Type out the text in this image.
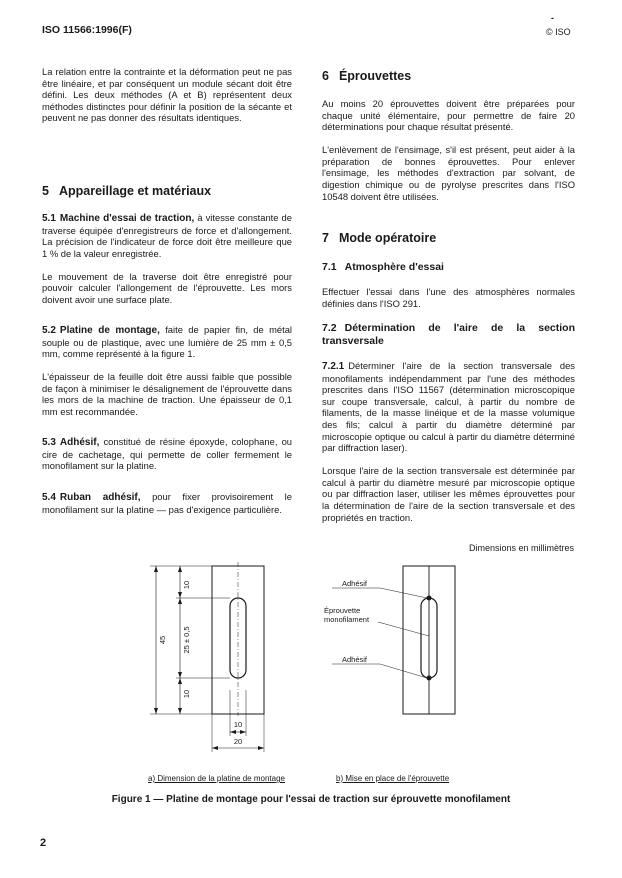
ISO 11566:1996(F)
-
© ISO

La relation entre la contrainte et la déformation peut ne pas être linéaire, et par conséquent un module sécant doit être défini. Les deux méthodes (A et B) représentent deux méthodes distinctes pour définir la position de la sécante et peuvent ne pas donner des résultats identiques.

5 Appareillage et matériaux

5.1 Machine d'essai de traction, à vitesse constante de traverse équipée d'enregistreurs de force et d'allongement. La précision de l'indicateur de force doit être meilleure que 1 % de la valeur enregistrée.

Le mouvement de la traverse doit être enregistré pour pouvoir calculer l'allongement de l'éprouvette. Les mors doivent avoir une surface plate.

5.2 Platine de montage, faite de papier fin, de métal souple ou de plastique, avec une lumière de 25 mm ± 0,5 mm, comme représenté à la figure 1.

L'épaisseur de la feuille doit être aussi faible que possible de façon à minimiser le désalignement de l'éprouvette dans les mors de la machine de traction. Une épaisseur de 0,1 mm est recommandée.

5.3 Adhésif, constitué de résine époxyde, colophane, ou cire de cachetage, qui permette de coller fermement le monofilament sur la platine.

5.4 Ruban adhésif, pour fixer provisoirement le monofilament sur la platine — pas d'exigence particulière.

6 Éprouvettes

Au moins 20 éprouvettes doivent être préparées pour chaque unité élémentaire, pour permettre de faire 20 déterminations pour chaque résultat présenté.

L'enlèvement de l'ensimage, s'il est présent, peut aider à la préparation de bonnes éprouvettes. Pour enlever l'ensimage, les méthodes d'extraction par solvant, de digestion chimique ou de pyrolyse prescrites dans l'ISO 10548 doivent être utilisées.

7 Mode opératoire
7.1 Atmosphère d'essai

Effectuer l'essai dans l'une des atmosphères normales définies dans l'ISO 291.

7.2 Détermination de l'aire de la section transversale

7.2.1 Déterminer l'aire de la section transversale des monofilaments indépendamment par l'une des méthodes prescrites dans l'ISO 11567 (détermination microscopique sur coupe transversale, calcul, à partir du nombre de filaments, de la masse linéique et de la masse volumique des fils; calcul à partir du diamètre déterminé par microscopie optique ou calcul à partir du diamètre déterminé par diffraction laser).

Lorsque l'aire de la section transversale est déterminée par calcul à partir du diamètre mesuré par microscopie optique ou par diffraction laser, utiliser les mêmes éprouvettes pour la détermination de l'aire de la section transversale et des propriétés en traction.

Dimensions en millimètres
10
25 ± 0,5
45
10
10
20
Adhésif
Éprouvette
monofilament
Adhésif
a) Dimension de la platine de montage	b) Mise en place de l'éprouvette
Figure 1 — Platine de montage pour l'essai de traction sur éprouvette monofilament
2
